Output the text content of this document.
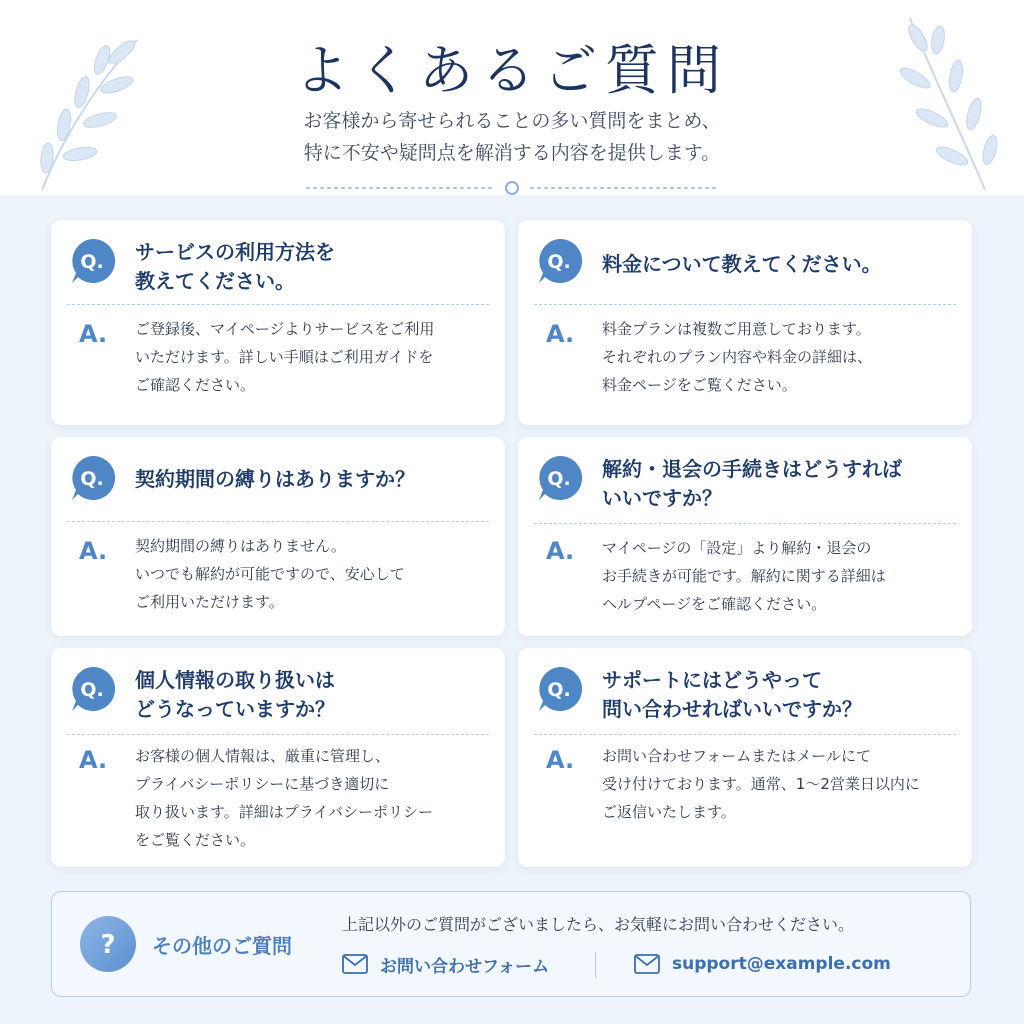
よくあるご質問
お客様から寄せられることの多い質問をまとめ、
特に不安や疑問点を解消する内容を提供します。
Q. サービスの利用方法を
教えてください。
A. ご登録後、マイページよりサービスをご利用
いただけます。詳しい手順はご利用ガイドを
ご確認ください。
Q. 料金について教えてください。
A. 料金プランは複数ご用意しております。
それぞれのプラン内容や料金の詳細は、
料金ページをご覧ください。
Q. 契約期間の縛りはありますか？
A. 契約期間の縛りはありません。
いつでも解約が可能ですので、安心して
ご利用いただけます。
Q. 解約・退会の手続きはどうすれば
いいですか？
A. マイページの「設定」より解約・退会の
お手続きが可能です。解約に関する詳細は
ヘルプページをご確認ください。
Q. 個人情報の取り扱いは
どうなっていますか？
A. お客様の個人情報は、厳重に管理し、
プライバシーポリシーに基づき適切に
取り扱います。詳細はプライバシーポリシー
をご覧ください。
Q. サポートにはどうやって
問い合わせればいいですか？
A. お問い合わせフォームまたはメールにて
受け付けております。通常、1〜2営業日以内に
ご返信いたします。
? その他のご質問
上記以外のご質問がございましたら、お気軽にお問い合わせください。
お問い合わせフォーム	support@example.com
